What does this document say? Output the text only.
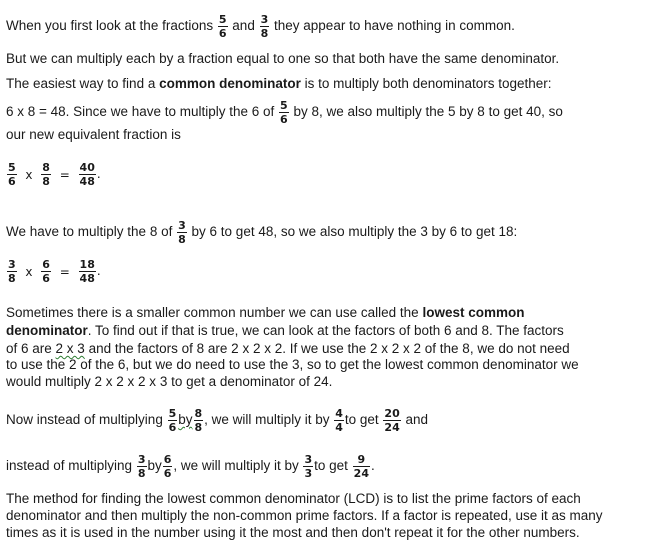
When you first look at the fractions $\frac{5}{6}$ and $\frac{3}{8}$ they appear to have nothing in common.
But we can multiply each by a fraction equal to one so that both have the same denominator.
The easiest way to find a common denominator is to multiply both denominators together:
6 x 8 = 48. Since we have to multiply the 6 of $\frac{5}{6}$ by 8, we also multiply the 5 by 8 to get 40, so
our new equivalent fraction is
$\frac{5}{6}$ x $\frac{8}{8} = \frac{40}{48}$ .
We have to multiply the 8 of $\frac{3}{8}$ by 6 to get 48, so we also multiply the 3 by 6 to get 18:
$\frac{3}{8}$ x $\frac{6}{6} = \frac{18}{48}$ .
Sometimes there is a smaller common number we can use called the lowest common
denominator. To find out if that is true, we can look at the factors of both 6 and 8. The factors
of 6 are 2 x 3 and the factors of 8 are 2 x 2 x 2. If we use the 2 x 2 x 2 of the 8, we do not need
to use the 2 of the 6, but we do need to use the 3, so to get the lowest common denominator we
would multiply 2 x 2 x 2 x 3 to get a denominator of 24.
Now instead of multiplying $\frac{5}{6}$ by $\frac{8}{8}$ , we will multiply it by $\frac{4}{4}$ to get $\frac{20}{24}$ and
instead of multiplying $\frac{3}{8}$ by $\frac{6}{6}$ , we will multiply it by $\frac{3}{3}$ to get $\frac{9}{24}$ .
The method for finding the lowest common denominator (LCD) is to list the prime factors of each
denominator and then multiply the non-common prime factors. If a factor is repeated, use it as many
times as it is used in the number using it the most and then don't repeat it for the other numbers.
